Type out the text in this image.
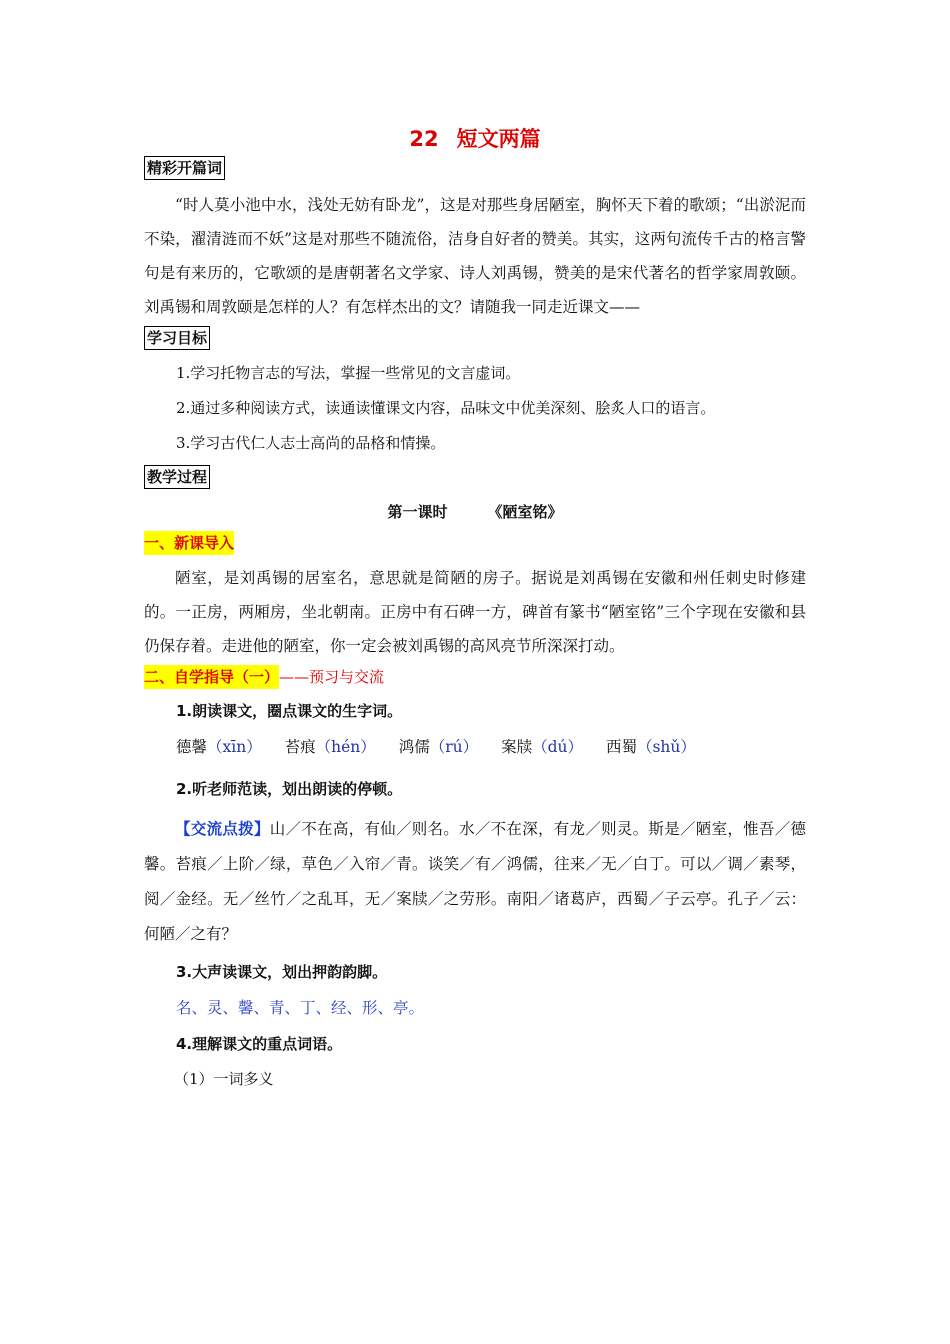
22 短文两篇
精彩开篇词

“时人莫小池中水，浅处无妨有卧龙”，这是对那些身居陋室，胸怀天下着的歌颂；“出淤泥而不染，濯清涟而不妖”这是对那些不随流俗，洁身自好者的赞美。其实，这两句流传千古的格言警句是有来历的，它歌颂的是唐朝著名文学家、诗人刘禹锡，赞美的是宋代著名的哲学家周敦颐。刘禹锡和周敦颐是怎样的人？有怎样杰出的文？请随我一同走近课文——

学习目标

1.学习托物言志的写法，掌握一些常见的文言虚词。

2.通过多种阅读方式，读通读懂课文内容，品味文中优美深刻、脍炙人口的语言。

3.学习古代仁人志士高尚的品格和情操。

教学过程
第一课时	《陋室铭》
一、新课导入

陋室，是刘禹锡的居室名，意思就是简陋的房子。据说是刘禹锡在安徽和州任刺史时修建的。一正房，两厢房，坐北朝南。正房中有石碑一方，碑首有篆书“陋室铭”三个字现在安徽和县仍保存着。走进他的陋室，你一定会被刘禹锡的高风亮节所深深打动。

二、自学指导（一）——预习与交流

1.朗读课文，圈点课文的生字词。

德馨（xīn） 苔痕（hén） 鸿儒（rú） 案牍（dú） 西蜀（shǔ）

2.听老师范读，划出朗读的停顿。

【交流点拨】山／不在高，有仙／则名。水／不在深，有龙／则灵。斯是／陋室，惟吾／德馨。苔痕／上阶／绿，草色／入帘／青。谈笑／有／鸿儒，往来／无／白丁。可以／调／素琴，阅／金经。无／丝竹／之乱耳，无／案牍／之劳形。南阳／诸葛庐，西蜀／子云亭。孔子／云：何陋／之有？

3.大声读课文，划出押韵韵脚。

名、灵、馨、青、丁、经、形、亭。

4.理解课文的重点词语。

（1）一词多义
